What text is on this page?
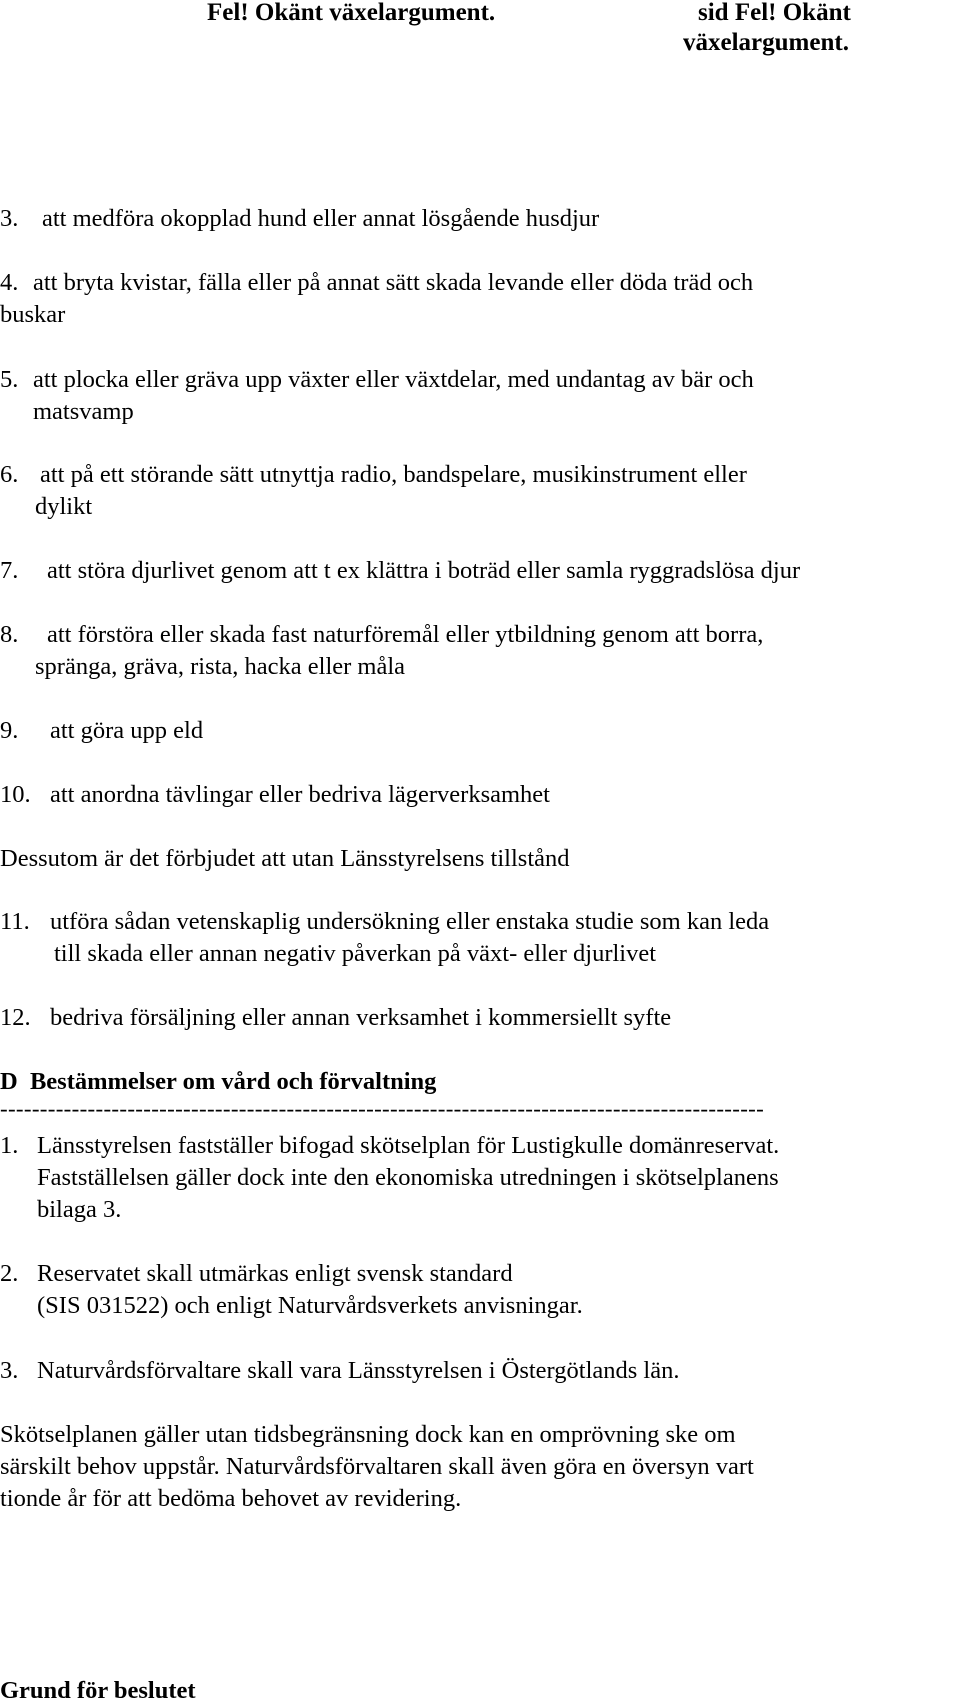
Fel! Okänt växelargument.	sid Fel! Okänt
växelargument.
3. att medföra okopplad hund eller annat lösgående husdjur
4. att bryta kvistar, fälla eller på annat sätt skada levande eller döda träd och
buskar
5. att plocka eller gräva upp växter eller växtdelar, med undantag av bär och
matsvamp
6. att på ett störande sätt utnyttja radio, bandspelare, musikinstrument eller
dylikt
7. att störa djurlivet genom att t ex klättra i boträd eller samla ryggradslösa djur
8. att förstöra eller skada fast naturföremål eller ytbildning genom att borra,
spränga, gräva, rista, hacka eller måla
9. att göra upp eld
10. att anordna tävlingar eller bedriva lägerverksamhet
Dessutom är det förbjudet att utan Länsstyrelsens tillstånd
11. utföra sådan vetenskaplig undersökning eller enstaka studie som kan leda
till skada eller annan negativ påverkan på växt- eller djurlivet
12. bedriva försäljning eller annan verksamhet i kommersiellt syfte
D  Bestämmelser om vård och förvaltning
------------------------------------------------------------------------------------------------
1. Länsstyrelsen fastställer bifogad skötselplan för Lustigkulle domänreservat.
Fastställelsen gäller dock inte den ekonomiska utredningen i skötselplanens
bilaga 3.
2. Reservatet skall utmärkas enligt svensk standard
(SIS 031522) och enligt Naturvårdsverkets anvisningar.
3. Naturvårdsförvaltare skall vara Länsstyrelsen i Östergötlands län.
Skötselplanen gäller utan tidsbegränsning dock kan en omprövning ske om
särskilt behov uppstår. Naturvårdsförvaltaren skall även göra en översyn vart
tionde år för att bedöma behovet av revidering.
Grund för beslutet
